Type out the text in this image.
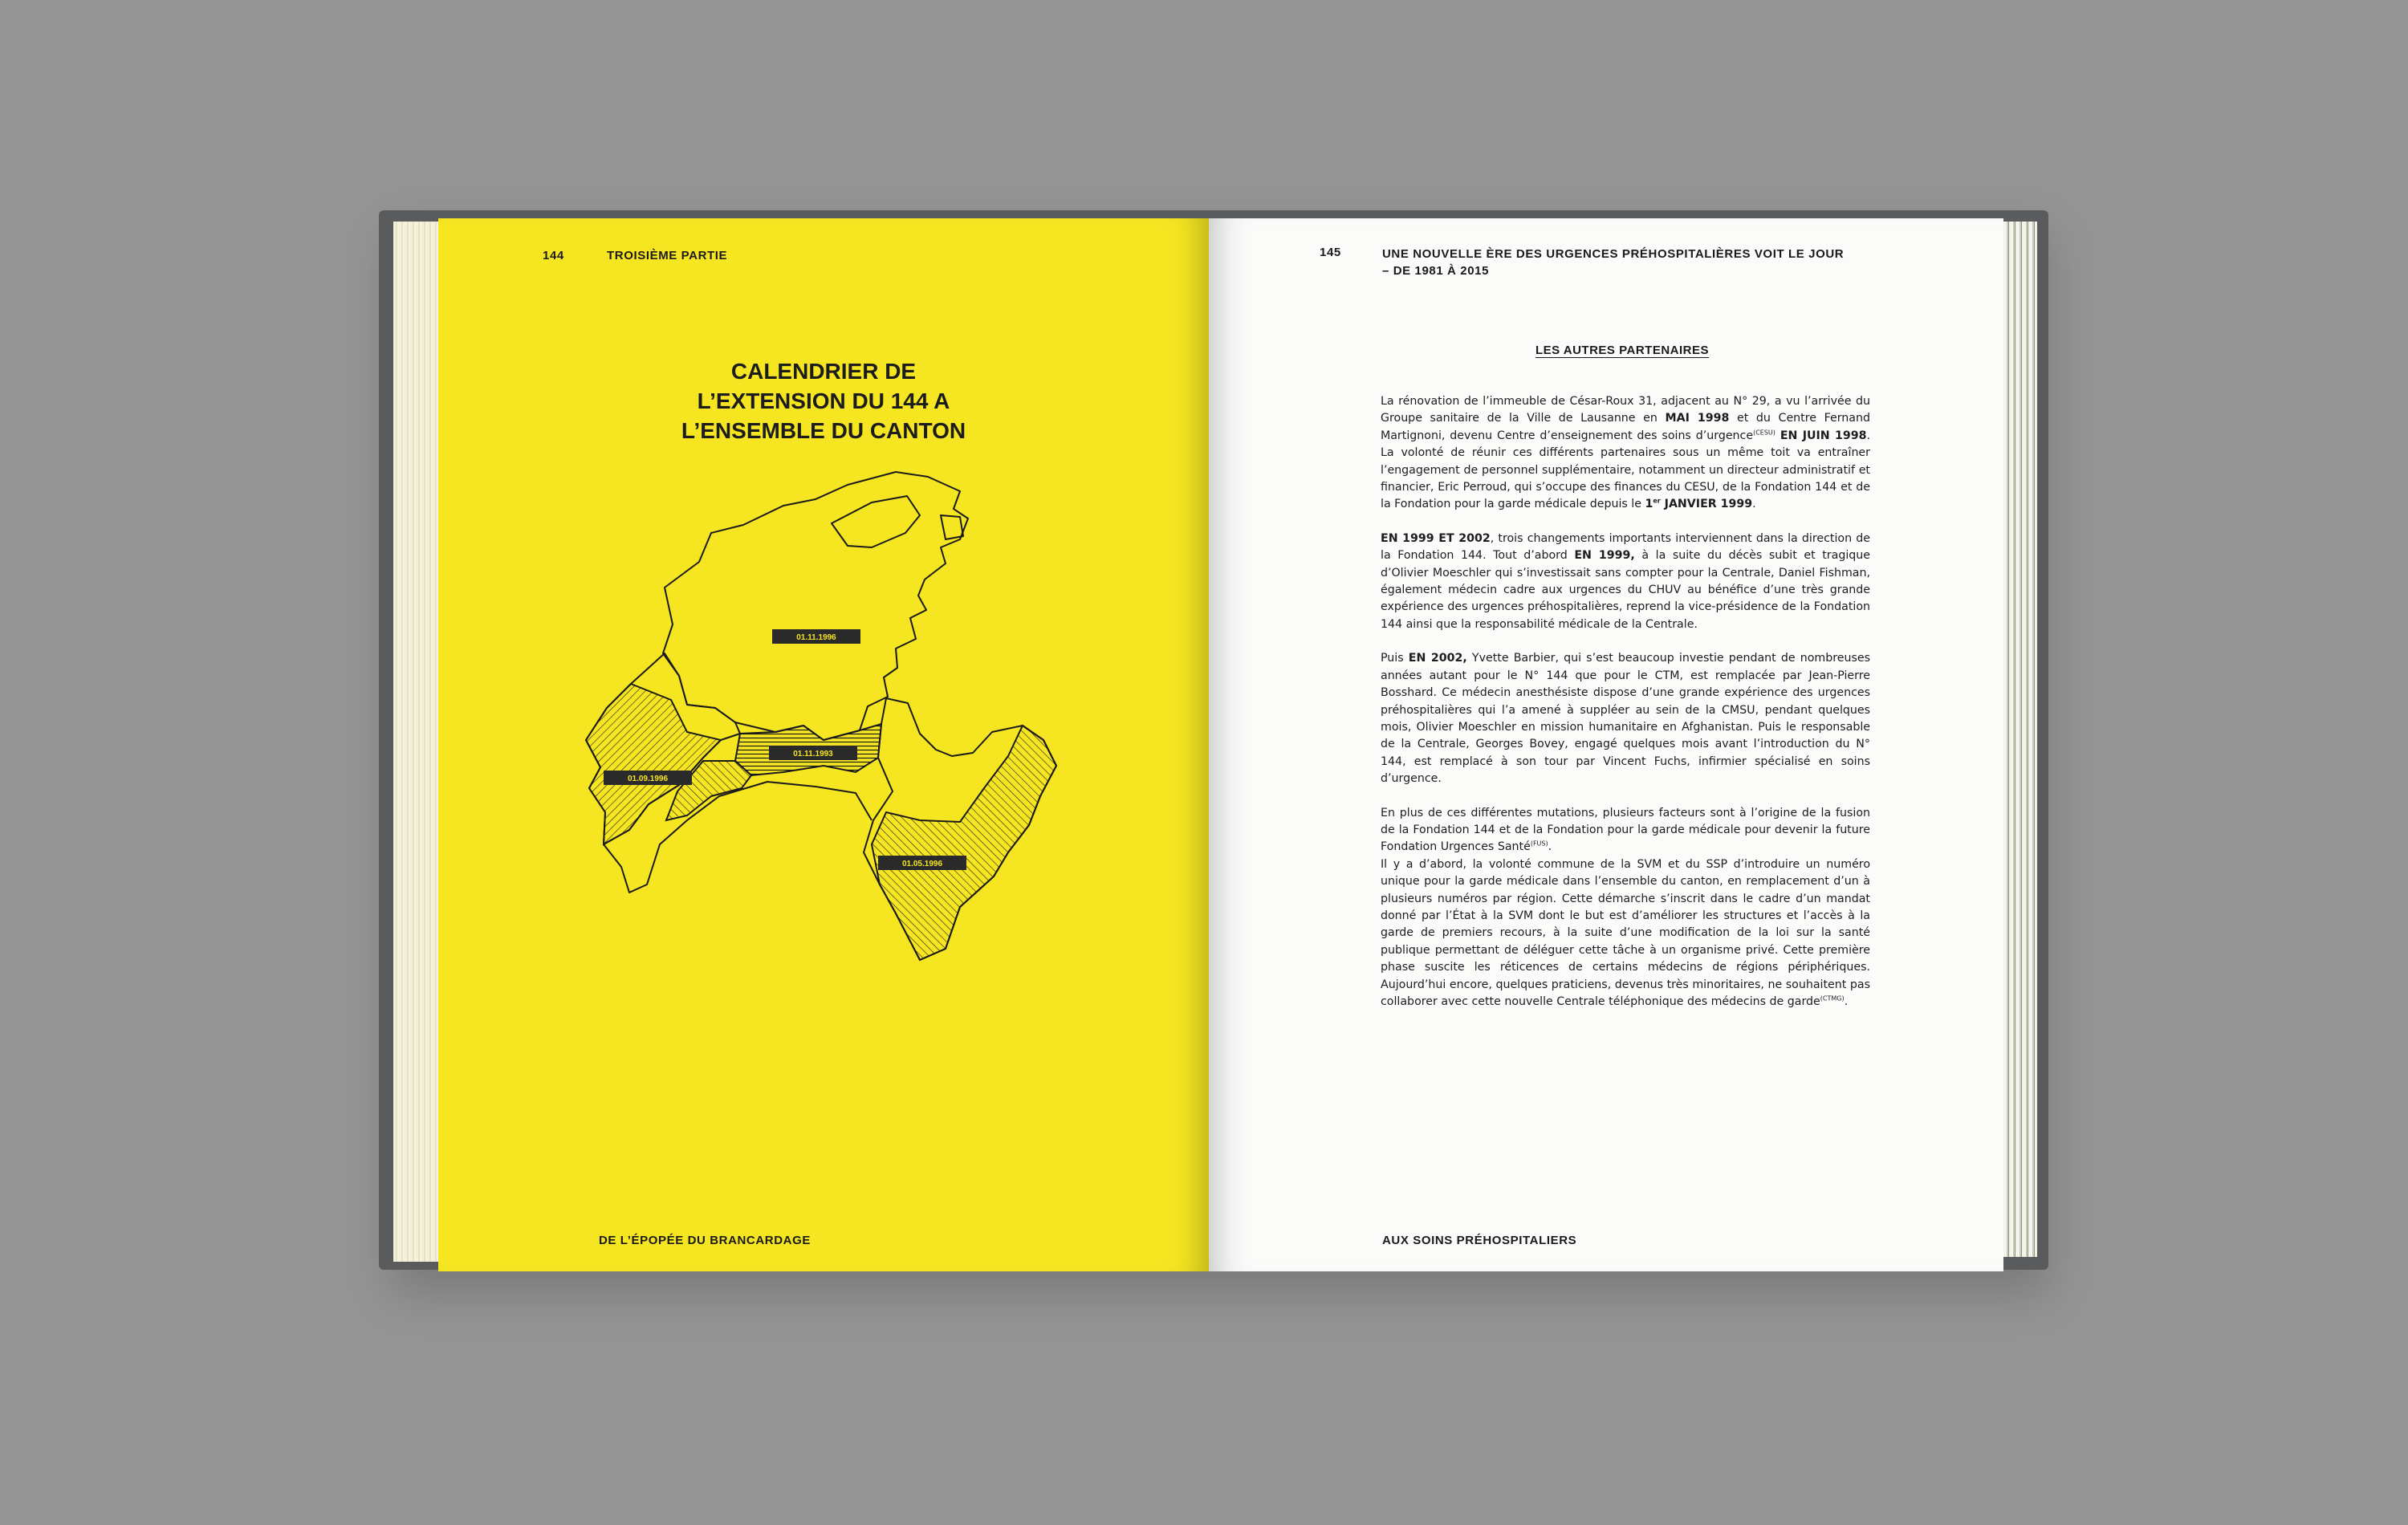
144	TROISIÈME PARTIE
CALENDRIER DE
L’EXTENSION DU 144 A
L’ENSEMBLE DU CANTON
01.11.1996
01.11.1993
01.09.1996
01.05.1996
DE L’ÉPOPÉE DU BRANCARDAGE
145	UNE NOUVELLE ÈRE DES URGENCES PRÉHOSPITALIÈRES VOIT LE JOUR
– DE 1981 À 2015
LES AUTRES PARTENAIRES

La rénovation de l’immeuble de César-Roux 31, adjacent au N° 29, a vu l’arrivée du Groupe sanitaire de la Ville de Lausanne en MAI 1998 et du Centre Fernand Martignoni, devenu Centre d’enseignement des soins d’urgence$^{(CESU)}$ EN JUIN 1998. La volonté de réunir ces différents partenaires sous un même toit va entraîner l’engagement de personnel supplémentaire, notamment un directeur administratif et financier, Eric Perroud, qui s’occupe des finances du CESU, de la Fondation 144 et de la Fondation pour la garde médicale depuis le 1er JANVIER 1999.

EN 1999 ET 2002, trois changements importants interviennent dans la direction de la Fondation 144. Tout d’abord EN 1999, à la suite du décès subit et tragique d’Olivier Moeschler qui s’investissait sans compter pour la Centrale, Daniel Fishman, également médecin cadre aux urgences du CHUV au bénéfice d’une très grande expérience des urgences préhospitalières, reprend la vice-présidence de la Fondation 144 ainsi que la responsabilité médicale de la Centrale.

Puis EN 2002, Yvette Barbier, qui s’est beaucoup investie pendant de nombreuses années autant pour le N° 144 que pour le CTM, est remplacée par Jean-Pierre Bosshard. Ce médecin anesthésiste dispose d’une grande expérience des urgences préhospitalières qui l’a amené à suppléer au sein de la CMSU, pendant quelques mois, Olivier Moeschler en mission humanitaire en Afghanistan. Puis le responsable de la Centrale, Georges Bovey, engagé quelques mois avant l’introduction du N° 144, est remplacé à son tour par Vincent Fuchs, infirmier spécialisé en soins d’urgence.

En plus de ces différentes mutations, plusieurs facteurs sont à l’origine de la fusion de la Fondation 144 et de la Fondation pour la garde médicale pour devenir la future Fondation Urgences Santé$^{(FUS)}$.

Il y a d’abord, la volonté commune de la SVM et du SSP d’introduire un numéro unique pour la garde médicale dans l’ensemble du canton, en remplacement d’un à plusieurs numéros par région. Cette démarche s’inscrit dans le cadre d’un mandat donné par l’État à la SVM dont le but est d’améliorer les structures et l’accès à la garde de premiers recours, à la suite d’une modification de la loi sur la santé publique permettant de déléguer cette tâche à un organisme privé. Cette première phase suscite les réticences de certains médecins de régions périphériques. Aujourd’hui encore, quelques praticiens, devenus très minoritaires, ne souhaitent pas collaborer avec cette nouvelle Centrale téléphonique des médecins de garde$^{(CTMG)}$.

AUX SOINS PRÉHOSPITALIERS
